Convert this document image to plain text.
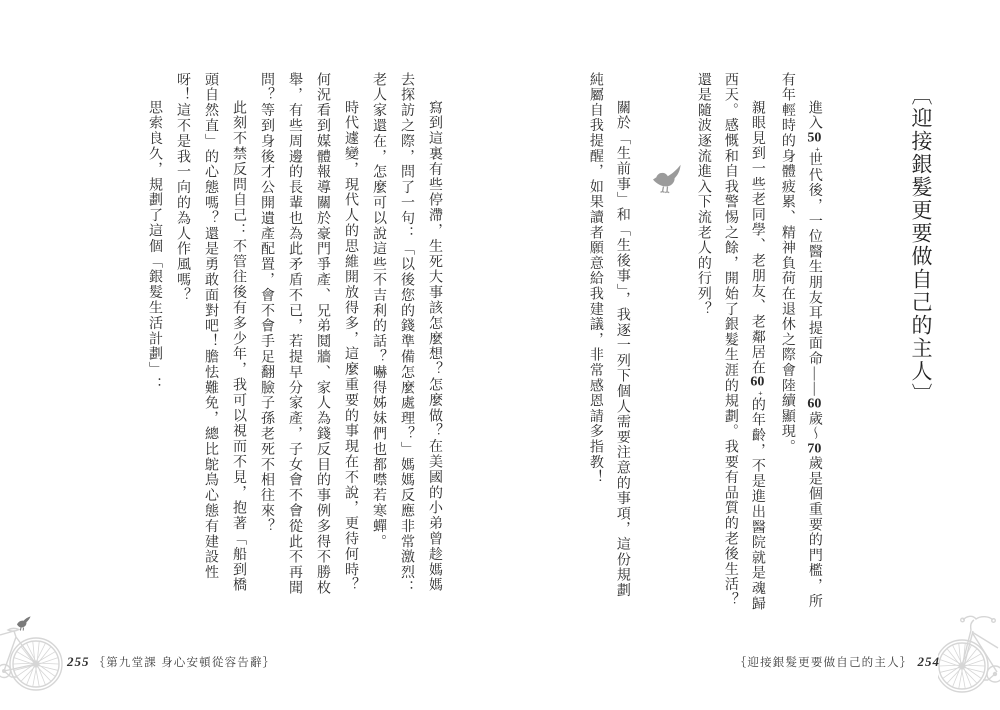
〔迎接銀髮更要做自己的主人〕

進入50+世代後，一位醫生朋友耳提面命——60歲〜70歲是個重要的門檻，所有年輕時的身體疲累、精神負荷在退休之際會陸續顯現。

親眼見到一些老同學、老朋友、老鄰居在60+的年齡，不是進出醫院就是魂歸西天。感慨和自我警惕之餘，開始了銀髮生涯的規劃。我要有品質的老後生活？還是隨波逐流進入下流老人的行列？

關於「生前事」和「生後事」，我逐一列下個人需要注意的事項，這份規劃純屬自我提醒，如果讀者願意給我建議，非常感恩請多指教！

｛迎接銀髮更要做自己的主人｝ 254

寫到這裏有些停滯，生死大事該怎麼想？怎麼做？在美國的小弟曾趁媽媽去探訪之際，問了一句：「以後您的錢準備怎麼處理？」媽媽反應非常激烈：老人家還在，怎麼可以說這些不吉利的話？嚇得姊妹們也都噤若寒蟬。

時代遽變，現代人的思維開放得多，這麼重要的事現在不說，更待何時？何況看到媒體報導關於豪門爭產、兄弟鬩牆、家人為錢反目的事例多得不勝枚舉，有些周邊的長輩也為此矛盾不已，若提早分家產，子女會不會從此不再聞問？等到身後才公開遺產配置，會不會手足翻臉子孫老死不相往來？

此刻不禁反問自己：不管往後有多少年，我可以視而不見，抱著「船到橋頭自然直」的心態嗎？還是勇敢面對吧！膽怯難免，總比鴕鳥心態有建設性呀！這不是我一向的為人作風嗎？

思索良久，規劃了這個「銀髮生活計劃」：

255 ｛第九堂課 身心安頓從容告辭｝
